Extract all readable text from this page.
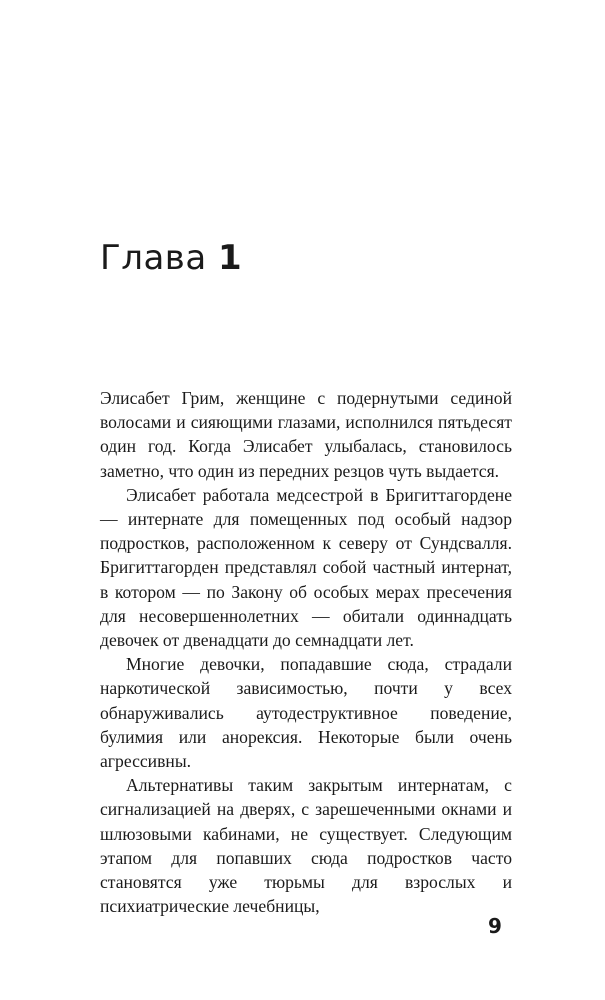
Глава 1

Элисабет Грим, женщине с подернутыми сединой волосами и сияющими глазами, исполнился пятьдесят один год. Когда Элисабет улыбалась, становилось заметно, что один из передних резцов чуть выдается.

Элисабет работала медсестрой в Бригиттагордене — интернате для помещенных под особый надзор подростков, расположенном к северу от Сундсвалля. Бригиттагорден представлял собой частный интернат, в котором — по Закону об особых мерах пресечения для несовершеннолетних — обитали одиннадцать девочек от двенадцати до семнадцати лет.

Многие девочки, попадавшие сюда, страдали наркотической зависимостью, почти у всех обнаруживались аутодеструктивное поведение, булимия или анорексия. Некоторые были очень агрессивны.

Альтернативы таким закрытым интернатам, с сигнализацией на дверях, с зарешеченными окнами и шлюзовыми кабинами, не существует. Следующим этапом для попавших сюда подростков часто становятся уже тюрьмы для взрослых и психиатрические лечебницы,

9
